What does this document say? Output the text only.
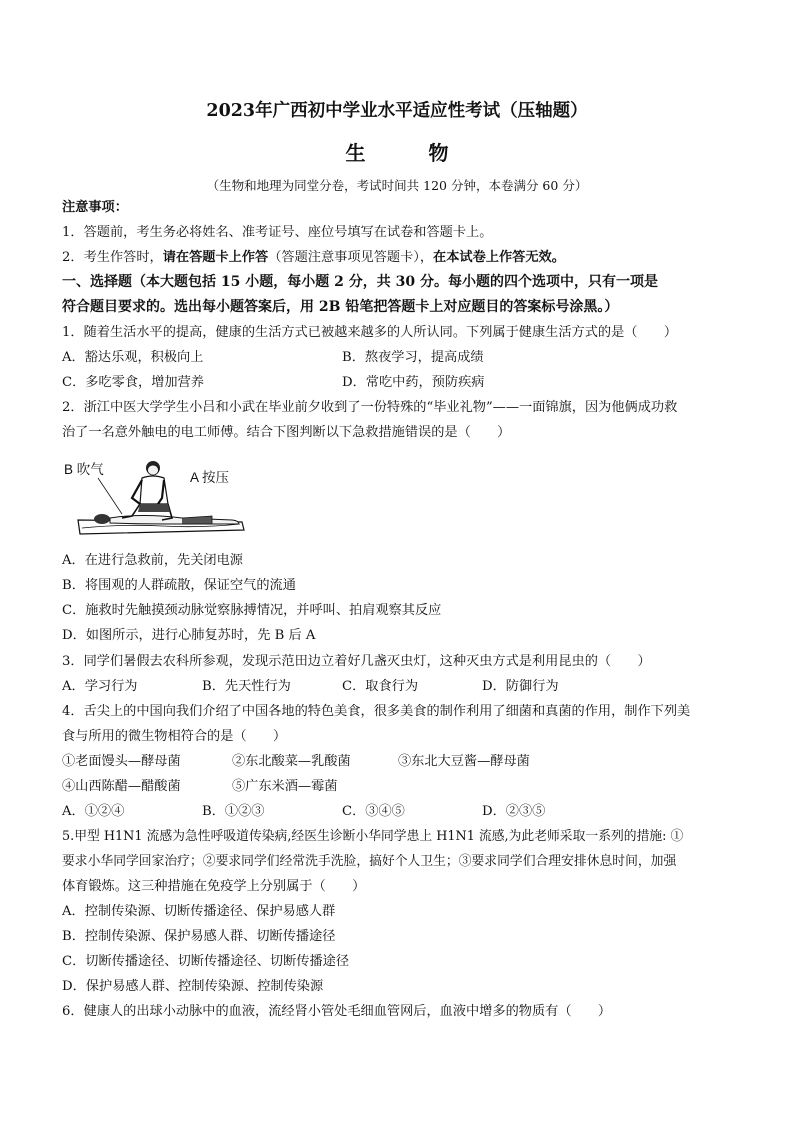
2023年广西初中学业水平适应性考试（压轴题）
生 物
（生物和地理为同堂分卷，考试时间共 120 分钟，本卷满分 60 分）
注意事项：
1．答题前，考生务必将姓名、准考证号、座位号填写在试卷和答题卡上。
2．考生作答时，请在答题卡上作答（答题注意事项见答题卡），在本试卷上作答无效。
一、选择题（本大题包括 15 小题，每小题 2 分，共 30 分。每小题的四个选项中，只有一项是
符合题目要求的。选出每小题答案后，用 2B 铅笔把答题卡上对应题目的答案标号涂黑。）
1．随着生活水平的提高，健康的生活方式已被越来越多的人所认同。下列属于健康生活方式的是（　　）
A．豁达乐观，积极向上	B．熬夜学习，提高成绩
C．多吃零食，增加营养	D．常吃中药，预防疾病
2．浙江中医大学学生小吕和小武在毕业前夕收到了一份特殊的“毕业礼物”——一面锦旗，因为他俩成功救
治了一名意外触电的电工师傅。结合下图判断以下急救措施错误的是（　　）
B 吹气
A 按压
A．在进行急救前，先关闭电源
B．将围观的人群疏散，保证空气的流通
C．施救时先触摸颈动脉觉察脉搏情况，并呼叫、拍肩观察其反应
D．如图所示，进行心肺复苏时，先 B 后 A
3．同学们暑假去农科所参观，发现示范田边立着好几盏灭虫灯，这种灭虫方式是利用昆虫的（　　）
A．学习行为	B．先天性行为	C．取食行为	D．防御行为
4．舌尖上的中国向我们介绍了中国各地的特色美食，很多美食的制作利用了细菌和真菌的作用，制作下列美
食与所用的微生物相符合的是（　　）
①老面馒头—酵母菌	②东北酸菜—乳酸菌	③东北大豆酱—酵母菌
④山西陈醋—醋酸菌	⑤广东米酒—霉菌
A．①②④	B．①②③	C．③④⑤	D．②③⑤
5.甲型 H1N1 流感为急性呼吸道传染病,经医生诊断小华同学患上 H1N1 流感,为此老师采取一系列的措施: ①
要求小华同学回家治疗；②要求同学们经常洗手洗脸，搞好个人卫生；③要求同学们合理安排休息时间，加强
体育锻炼。这三种措施在免疫学上分别属于（　　）
A．控制传染源、切断传播途径、保护易感人群
B．控制传染源、保护易感人群、切断传播途径
C．切断传播途径、切断传播途径、切断传播途径
D．保护易感人群、控制传染源、控制传染源
6．健康人的出球小动脉中的血液，流经肾小管处毛细血管网后，血液中增多的物质有（　　）
